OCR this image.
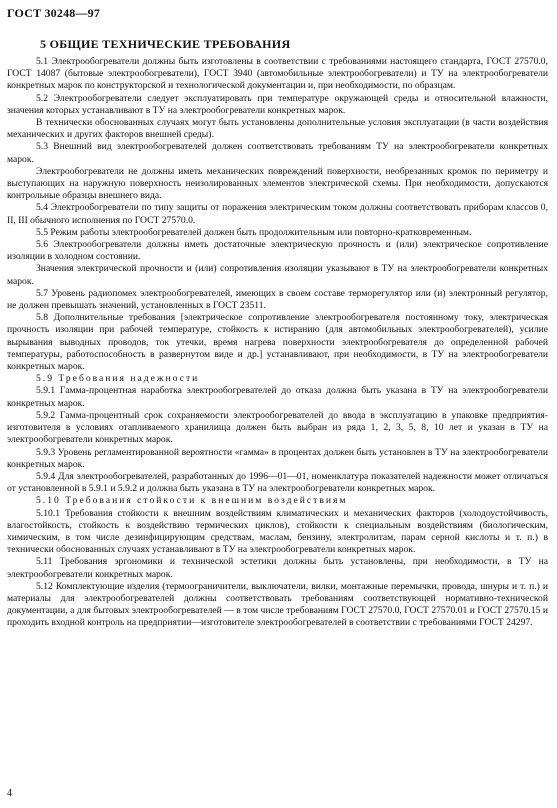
ГОСТ 30248—97
5 ОБЩИЕ ТЕХНИЧЕСКИЕ ТРЕБОВАНИЯ

5.1 Электрообогреватели должны быть изготовлены в соответствии с требованиями настоящего стандарта, ГОСТ 27570.0, ГОСТ 14087 (бытовые электрообогреватели), ГОСТ 3940 (автомобильные электрообогреватели) и ТУ на электрообогреватели конкретных марок по конструкторской и технологической документации и, при необходимости, по образцам.

5.2 Электрообогреватели следует эксплуатировать при температуре окружающей среды и относительной влажности, значения которых устанавливают в ТУ на электрообогреватели конкретных марок.

В технически обоснованных случаях могут быть установлены дополнительные условия эксплуатации (в части воздействия механических и других факторов внешней среды).

5.3 Внешний вид электрообогревателей должен соответствовать требованиям ТУ на электрообогреватели конкретных марок.

Электрообогреватели не должны иметь механических повреждений поверхности, необрезанных кромок по периметру и выступающих на наружную поверхность неизолированных элементов электрической схемы. При необходимости, допускаются контрольные образцы внешнего вида.

5.4 Электрообогреватели по типу защиты от поражения электрическим током должны соответствовать приборам классов 0, II, III обычного исполнения по ГОСТ 27570.0.

5.5 Режим работы электрообогревателей должен быть продолжительным или повторно-кратковременным.

5.6 Электрообогреватели должны иметь достаточные электрическую прочность и (или) электрическое сопротивление изоляции в холодном состоянии.

Значения электрической прочности и (или) сопротивления изоляции указывают в ТУ на электрообогреватели конкретных марок.

5.7 Уровень радиопомех электрообогревателей, имеющих в своем составе терморегулятор или (и) электронный регулятор, не должен превышать значений, установленных в ГОСТ 23511.

5.8 Дополнительные требования [электрическое сопротивление электрообогревателя постоянному току, электрическая прочность изоляции при рабочей температуре, стойкость к истиранию (для автомобильных электрообогревателей), усилие вырывания выводных проводов, ток утечки, время нагрева поверхности электрообогревателя до определенной рабочей температуры, работоспособность в развернутом виде и др.] устанавливают, при необходимости, в ТУ на электрообогреватели конкретных марок.

5.9 Требования надежности

5.9.1 Гамма-процентная наработка электрообогревателей до отказа должна быть указана в ТУ на электрообогреватели конкретных марок.

5.9.2 Гамма-процентный срок сохраняемости электрообогревателей до ввода в эксплуатацию в упаковке предприятия-изготовителя в условиях отапливаемого хранилища должен быть выбран из ряда 1, 2, 3, 5, 8, 10 лет и указан в ТУ на электрообогреватели конкретных марок.

5.9.3 Уровень регламентированной вероятности «гамма» в процентах должен быть установлен в ТУ на электрообогреватели конкретных марок.

5.9.4 Для электрообогревателей, разработанных до 1996—01—01, номенклатура показателей надежности может отличаться от установленной в 5.9.1 и 5.9.2 и должна быть указана в ТУ на электрообогреватели конкретных марок.

5.10 Требования стойкости к внешним воздействиям

5.10.1 Требования стойкости к внешним воздействиям климатических и механических факторов (холодоустойчивость, влагостойкость, стойкость к воздействию термических циклов), стойкости к специальным воздействиям (биологическим, химическим, в том числе дезинфицирующим средствам, маслам, бензину, электролитам, парам серной кислоты и т. п.) в технически обоснованных случаях устанавливают в ТУ на электрообогреватели конкретных марок.

5.11 Требования эргономики и технической эстетики должны быть установлены, при необходимости, в ТУ на электрообогреватели конкретных марок.

5.12 Комплектующие изделия (термоограничители, выключатели, вилки, монтажные перемычки, провода, шнуры и т. п.) и материалы для электрообогревателей должны соответствовать требованиям соответствующей нормативно-технической документации, а для бытовых электрообогревателей — в том числе требованиям ГОСТ 27570.0, ГОСТ 27570.01 и ГОСТ 27570.15 и проходить входной контроль на предприятии—изготовителе электрообогревателей в соответствии с требованиями ГОСТ 24297.

4
